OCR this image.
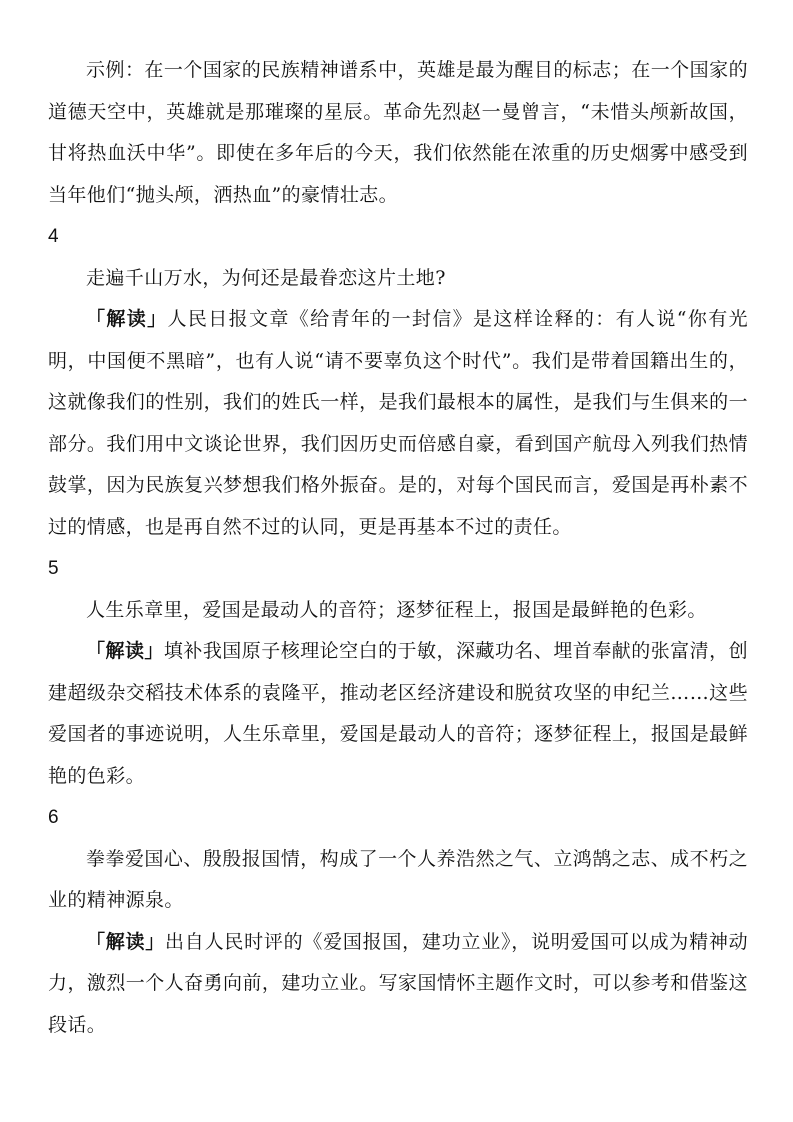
示例：在一个国家的民族精神谱系中，英雄是最为醒目的标志；在一个国家的道德天空中，英雄就是那璀璨的星辰。革命先烈赵一曼曾言，“未惜头颅新故国，甘将热血沃中华”。即使在多年后的今天，我们依然能在浓重的历史烟雾中感受到当年他们“抛头颅，洒热血”的豪情壮志。

4

走遍千山万水，为何还是最眷恋这片土地?

「解读」人民日报文章《给青年的一封信》是这样诠释的：有人说“你有光明，中国便不黑暗”，也有人说“请不要辜负这个时代”。我们是带着国籍出生的，这就像我们的性别，我们的姓氏一样，是我们最根本的属性，是我们与生俱来的一部分。我们用中文谈论世界，我们因历史而倍感自豪，看到国产航母入列我们热情鼓掌，因为民族复兴梦想我们格外振奋。是的，对每个国民而言，爱国是再朴素不过的情感，也是再自然不过的认同，更是再基本不过的责任。

5

人生乐章里，爱国是最动人的音符；逐梦征程上，报国是最鲜艳的色彩。

「解读」填补我国原子核理论空白的于敏，深藏功名、埋首奉献的张富清，创建超级杂交稻技术体系的袁隆平，推动老区经济建设和脱贫攻坚的申纪兰……这些爱国者的事迹说明，人生乐章里，爱国是最动人的音符；逐梦征程上，报国是最鲜艳的色彩。

6

拳拳爱国心、殷殷报国情，构成了一个人养浩然之气、立鸿鹄之志、成不朽之业的精神源泉。

「解读」出自人民时评的《爱国报国，建功立业》，说明爱国可以成为精神动力，激烈一个人奋勇向前，建功立业。写家国情怀主题作文时，可以参考和借鉴这段话。
